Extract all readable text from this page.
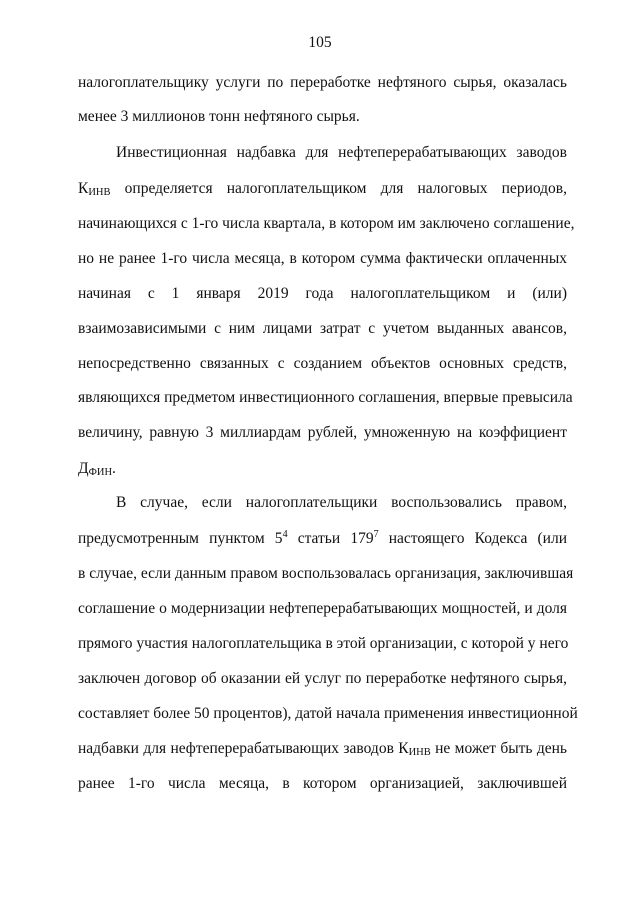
105
налогоплательщику услуги по переработке нефтяного сырья, оказалась
менее 3 миллионов тонн нефтяного сырья.
Инвестиционная надбавка для нефтеперерабатывающих заводов
$К_{ИНВ}$ определяется налогоплательщиком для налоговых периодов,
начинающихся с 1-го числа квартала, в котором им заключено соглашение,
но не ранее 1-го числа месяца, в котором сумма фактически оплаченных
начиная с 1 января 2019 года налогоплательщиком и (или)
взаимозависимыми с ним лицами затрат с учетом выданных авансов,
непосредственно связанных с созданием объектов основных средств,
являющихся предметом инвестиционного соглашения, впервые превысила
величину, равную 3 миллиардам рублей, умноженную на коэффициент
$Д_{ФИН}$.
В случае, если налогоплательщики воспользовались правом,
предусмотренным пунктом $5^4$ статьи $179^7$ настоящего Кодекса (или
в случае, если данным правом воспользовалась организация, заключившая
соглашение о модернизации нефтеперерабатывающих мощностей, и доля
прямого участия налогоплательщика в этой организации, с которой у него
заключен договор об оказании ей услуг по переработке нефтяного сырья,
составляет более 50 процентов), датой начала применения инвестиционной
надбавки для нефтеперерабатывающих заводов $К_{ИНВ}$ не может быть день
ранее 1-го числа месяца, в котором организацией, заключившей
